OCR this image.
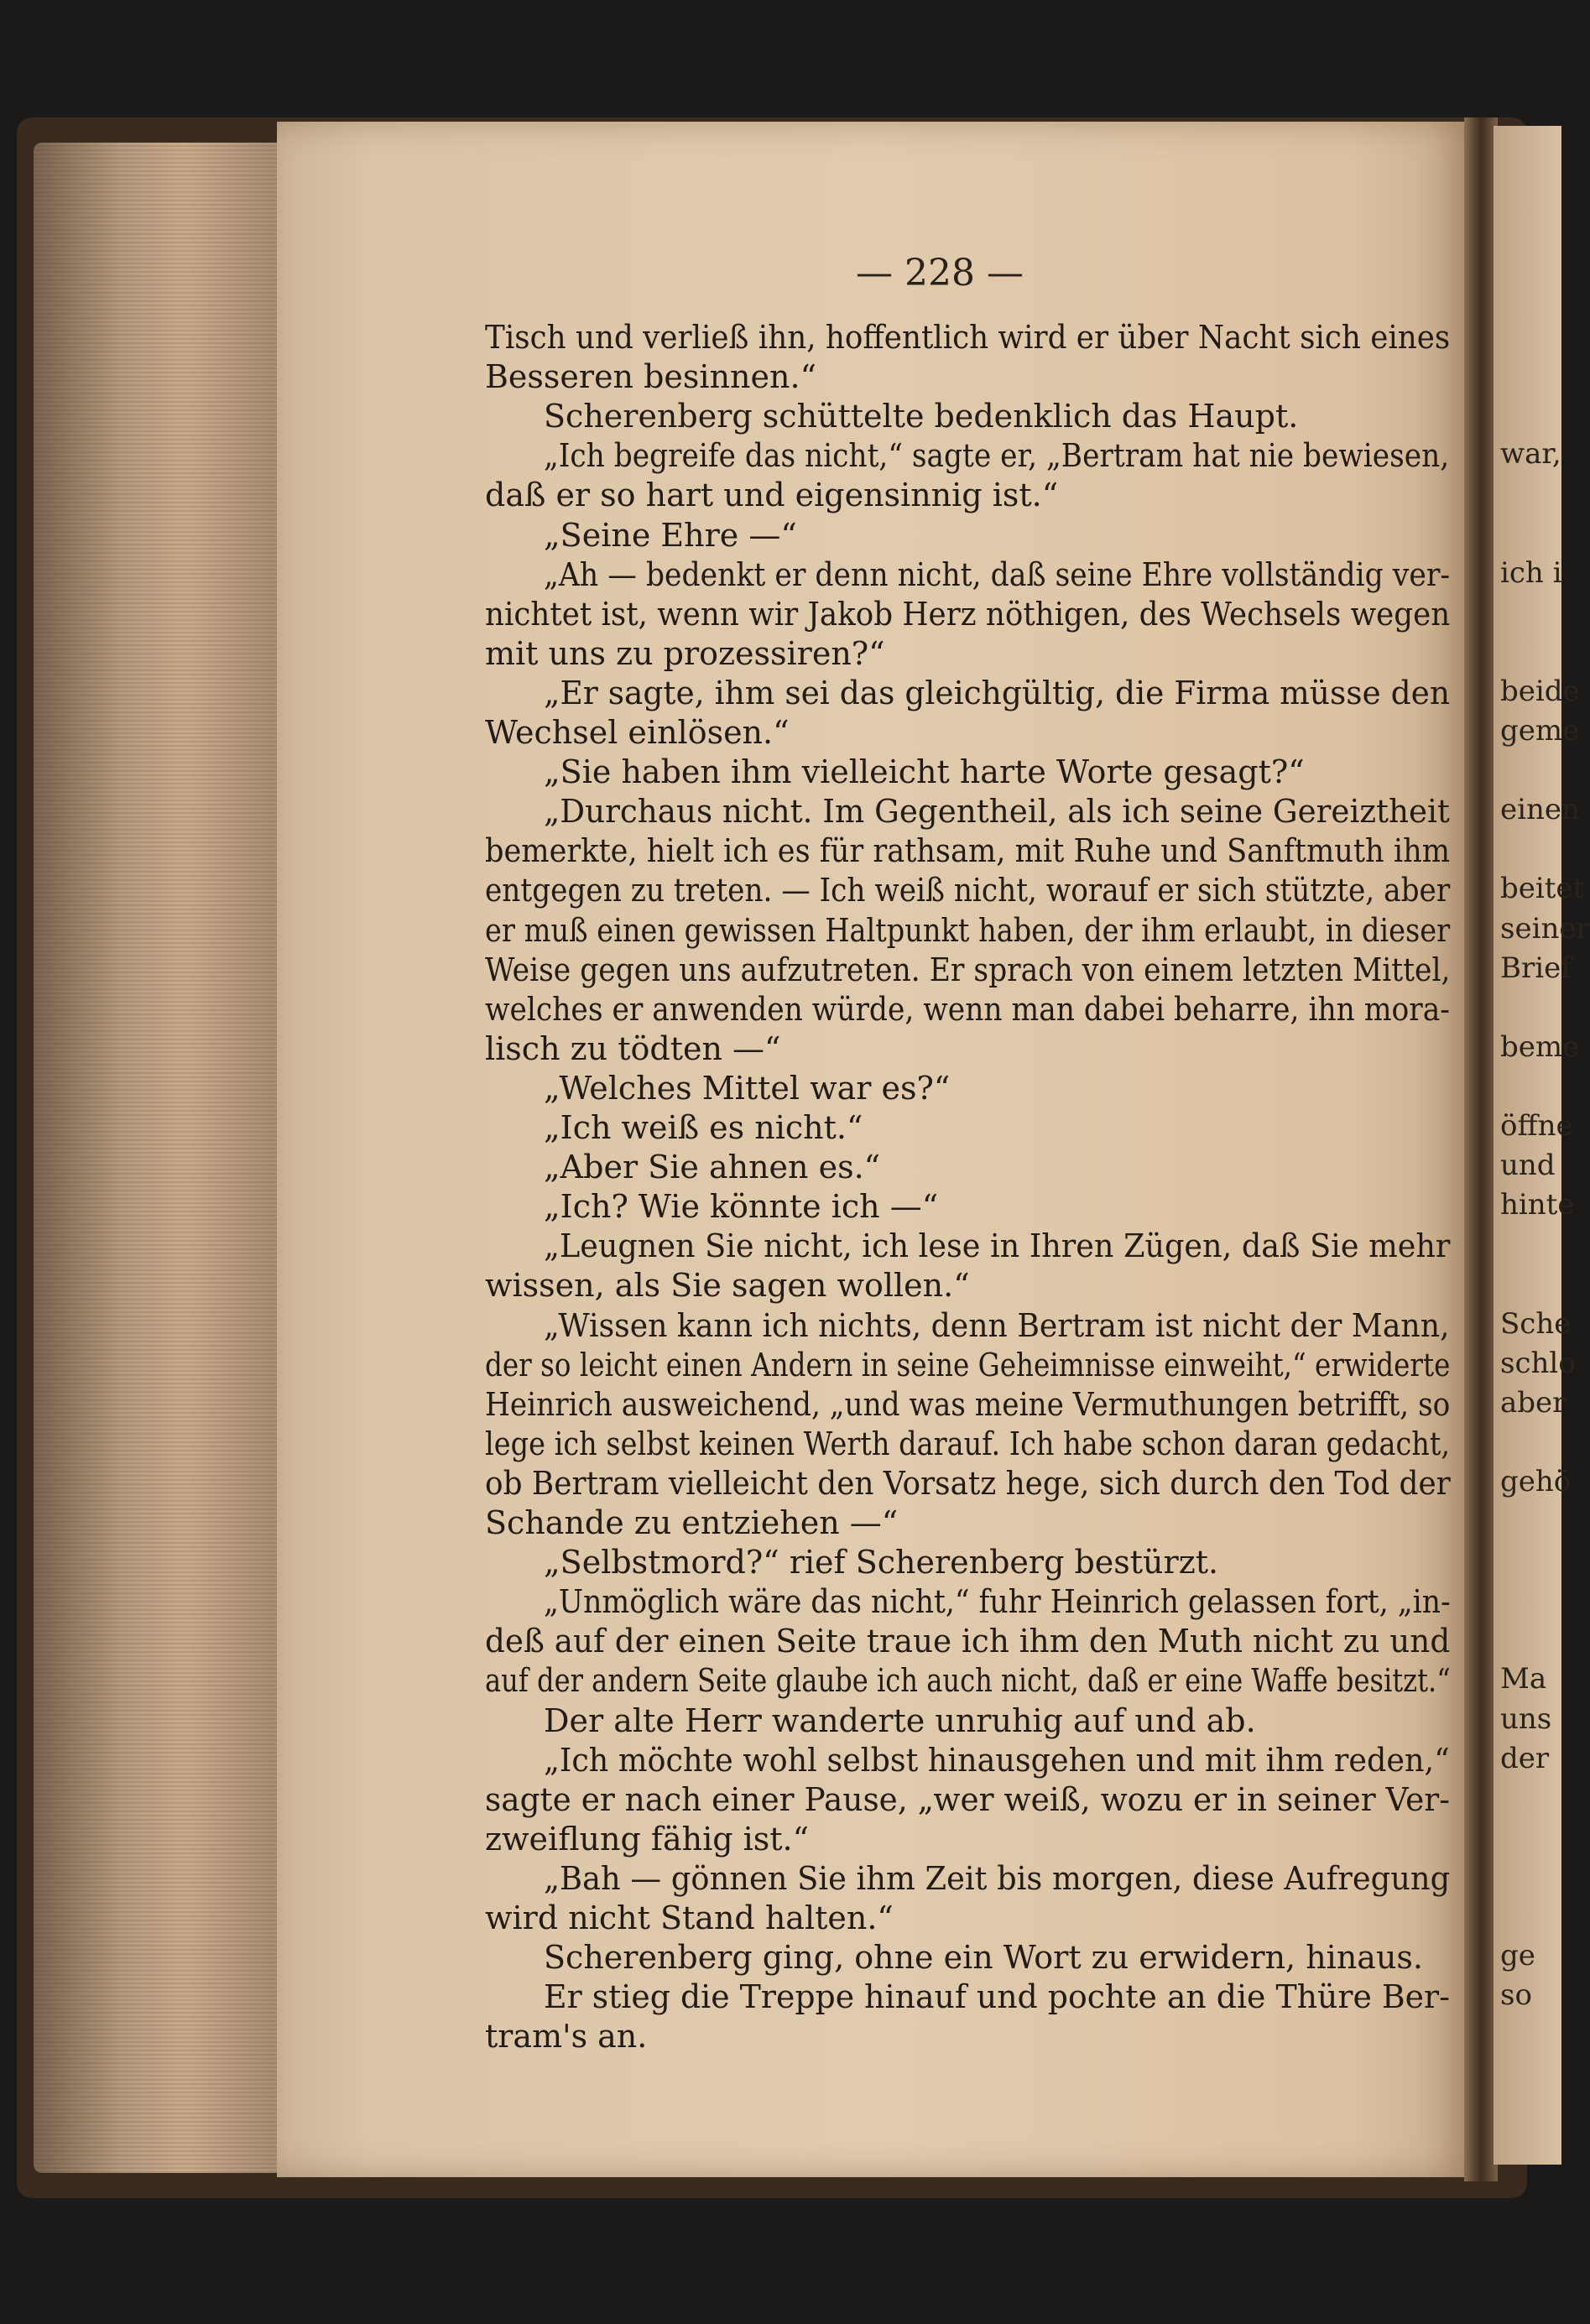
war,
ich i
beide
geme
einen
beitet
seiner
Brief
beme
öffne
und
hinte
Sche
schlo
aber
gehö
Ma
uns
der
ge
so
— 228 —
Tisch und verließ ihn, hoffentlich wird er über Nacht sich eines
Besseren besinnen.“
Scherenberg schüttelte bedenklich das Haupt.
„Ich begreife das nicht,“ sagte er, „Bertram hat nie bewiesen,
daß er so hart und eigensinnig ist.“
„Seine Ehre —“
„Ah — bedenkt er denn nicht, daß seine Ehre vollständig ver-
nichtet ist, wenn wir Jakob Herz nöthigen, des Wechsels wegen
mit uns zu prozessiren?“
„Er sagte, ihm sei das gleichgültig, die Firma müsse den
Wechsel einlösen.“
„Sie haben ihm vielleicht harte Worte gesagt?“
„Durchaus nicht. Im Gegentheil, als ich seine Gereiztheit
bemerkte, hielt ich es für rathsam, mit Ruhe und Sanftmuth ihm
entgegen zu treten. — Ich weiß nicht, worauf er sich stützte, aber
er muß einen gewissen Haltpunkt haben, der ihm erlaubt, in dieser
Weise gegen uns aufzutreten. Er sprach von einem letzten Mittel,
welches er anwenden würde, wenn man dabei beharre, ihn mora-
lisch zu tödten —“
„Welches Mittel war es?“
„Ich weiß es nicht.“
„Aber Sie ahnen es.“
„Ich? Wie könnte ich —“
„Leugnen Sie nicht, ich lese in Ihren Zügen, daß Sie mehr
wissen, als Sie sagen wollen.“
„Wissen kann ich nichts, denn Bertram ist nicht der Mann,
der so leicht einen Andern in seine Geheimnisse einweiht,“ erwiderte
Heinrich ausweichend, „und was meine Vermuthungen betrifft, so
lege ich selbst keinen Werth darauf. Ich habe schon daran gedacht,
ob Bertram vielleicht den Vorsatz hege, sich durch den Tod der
Schande zu entziehen —“
„Selbstmord?“ rief Scherenberg bestürzt.
„Unmöglich wäre das nicht,“ fuhr Heinrich gelassen fort, „in-
deß auf der einen Seite traue ich ihm den Muth nicht zu und
auf der andern Seite glaube ich auch nicht, daß er eine Waffe besitzt.“
Der alte Herr wanderte unruhig auf und ab.
„Ich möchte wohl selbst hinausgehen und mit ihm reden,“
sagte er nach einer Pause, „wer weiß, wozu er in seiner Ver-
zweiflung fähig ist.“
„Bah — gönnen Sie ihm Zeit bis morgen, diese Aufregung
wird nicht Stand halten.“
Scherenberg ging, ohne ein Wort zu erwidern, hinaus.
Er stieg die Treppe hinauf und pochte an die Thüre Ber-
tram's an.
